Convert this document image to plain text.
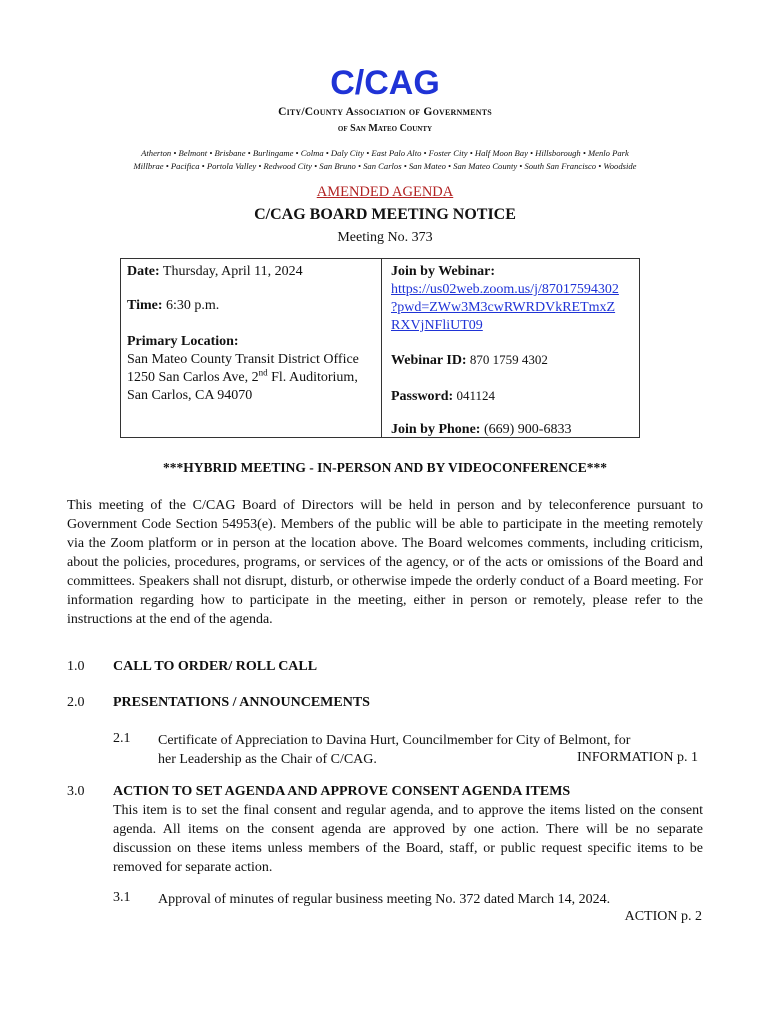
C/CAG
City/County Association of Governments
of San Mateo County
Atherton • Belmont • Brisbane • Burlingame • Colma • Daly City • East Palo Alto • Foster City • Half Moon Bay • Hillsborough • Menlo Park
Millbrae • Pacifica • Portola Valley • Redwood City • San Bruno • San Carlos • San Mateo • San Mateo County • South San Francisco • Woodside
AMENDED AGENDA
C/CAG BOARD MEETING NOTICE
Meeting No. 373
Date: Thursday, April 11, 2024
Time: 6:30 p.m.
Primary Location:
San Mateo County Transit District Office
1250 San Carlos Ave, 2nd Fl. Auditorium,
San Carlos, CA 94070
Join by Webinar:
https://us02web.zoom.us/j/87017594302
?pwd=ZWw3M3cwRWRDVkRETmxZ
RXVjNFliUT09
Webinar ID: 870 1759 4302
Password: 041124
Join by Phone: (669) 900-6833
***HYBRID MEETING - IN-PERSON AND BY VIDEOCONFERENCE***
This meeting of the C/CAG Board of Directors will be held in person and by teleconference pursuant to Government Code Section 54953(e). Members of the public will be able to participate in the meeting remotely via the Zoom platform or in person at the location above. The Board welcomes comments, including criticism, about the policies, procedures, programs, or services of the agency, or of the acts or omissions of the Board and committees. Speakers shall not disrupt, disturb, or otherwise impede the orderly conduct of a Board meeting. For information regarding how to participate in the meeting, either in person or remotely, please refer to the instructions at the end of the agenda.
1.0 CALL TO ORDER/ ROLL CALL
2.0 PRESENTATIONS / ANNOUNCEMENTS
2.1 Certificate of Appreciation to Davina Hurt, Councilmember for City of Belmont, for
her Leadership as the Chair of C/CAG.	INFORMATION p. 1
3.0 ACTION TO SET AGENDA AND APPROVE CONSENT AGENDA ITEMS
This item is to set the final consent and regular agenda, and to approve the items listed on the consent agenda. All items on the consent agenda are approved by one action. There will be no separate discussion on these items unless members of the Board, staff, or public request specific items to be removed for separate action.
3.1 Approval of minutes of regular business meeting No. 372 dated March 14, 2024.
ACTION p. 2
